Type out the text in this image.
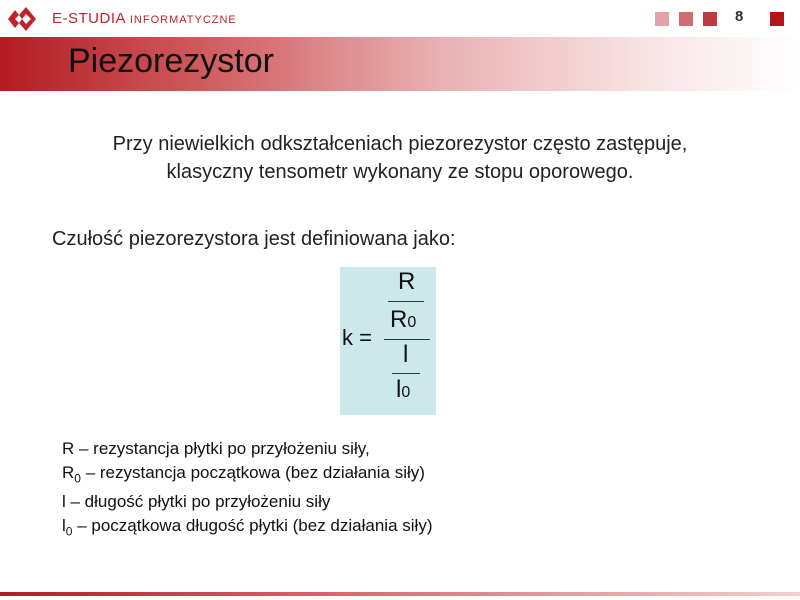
E-STUDIA INFORMATYCZNE	8
Piezorezystor
Przy niewielkich odkształceniach piezorezystor często zastępuje,
klasyczny tensometr wykonany ze stopu oporowego.
Czułość piezorezystora jest definiowana jako:
k =
R
R0
l
l0
R – rezystancja płytki po przyłożeniu siły,
$R_0$ – rezystancja początkowa (bez działania siły)
l – długość płytki po przyłożeniu siły
$l_0$ – początkowa długość płytki (bez działania siły)
